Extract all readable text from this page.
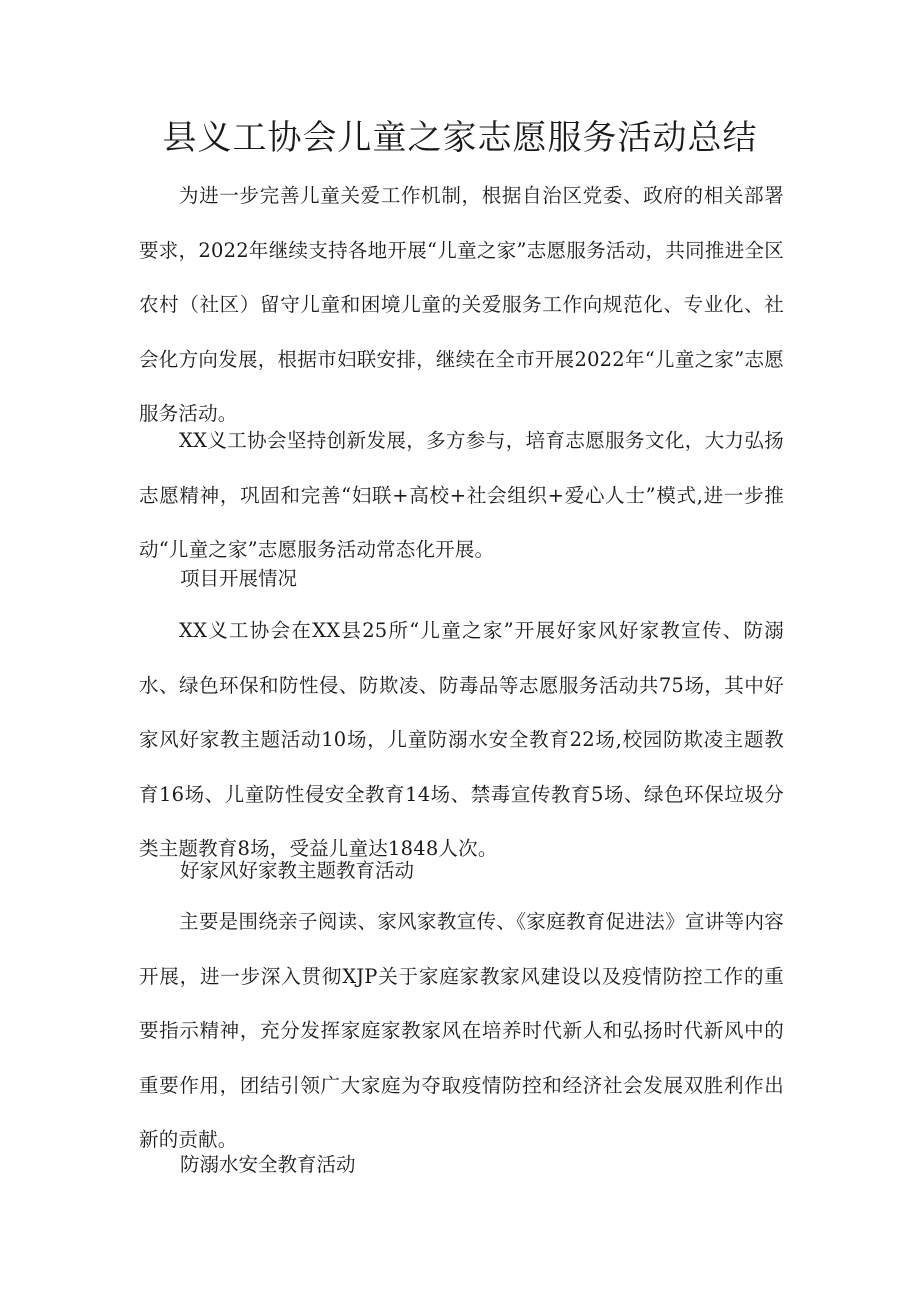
县义工协会儿童之家志愿服务活动总结

为进一步完善儿童关爱工作机制，根据自治区党委、政府的相关部署要求，2022年继续支持各地开展“儿童之家”志愿服务活动，共同推进全区农村（社区）留守儿童和困境儿童的关爱服务工作向规范化、专业化、社会化方向发展，根据市妇联安排，继续在全市开展2022年“儿童之家”志愿服务活动。

XX义工协会坚持创新发展，多方参与，培育志愿服务文化，大力弘扬志愿精神，巩固和完善“妇联+高校+社会组织+爱心人士”模式,进一步推动“儿童之家”志愿服务活动常态化开展。

项目开展情况

XX义工协会在XX县25所“儿童之家”开展好家风好家教宣传、防溺水、绿色环保和防性侵、防欺凌、防毒品等志愿服务活动共75场，其中好家风好家教主题活动10场，儿童防溺水安全教育22场,校园防欺凌主题教育16场、儿童防性侵安全教育14场、禁毒宣传教育5场、绿色环保垃圾分类主题教育8场，受益儿童达1848人次。

好家风好家教主题教育活动

主要是围绕亲子阅读、家风家教宣传、《家庭教育促进法》宣讲等内容开展，进一步深入贯彻XJP关于家庭家教家风建设以及疫情防控工作的重要指示精神，充分发挥家庭家教家风在培养时代新人和弘扬时代新风中的重要作用，团结引领广大家庭为夺取疫情防控和经济社会发展双胜利作出新的贡献。

防溺水安全教育活动
